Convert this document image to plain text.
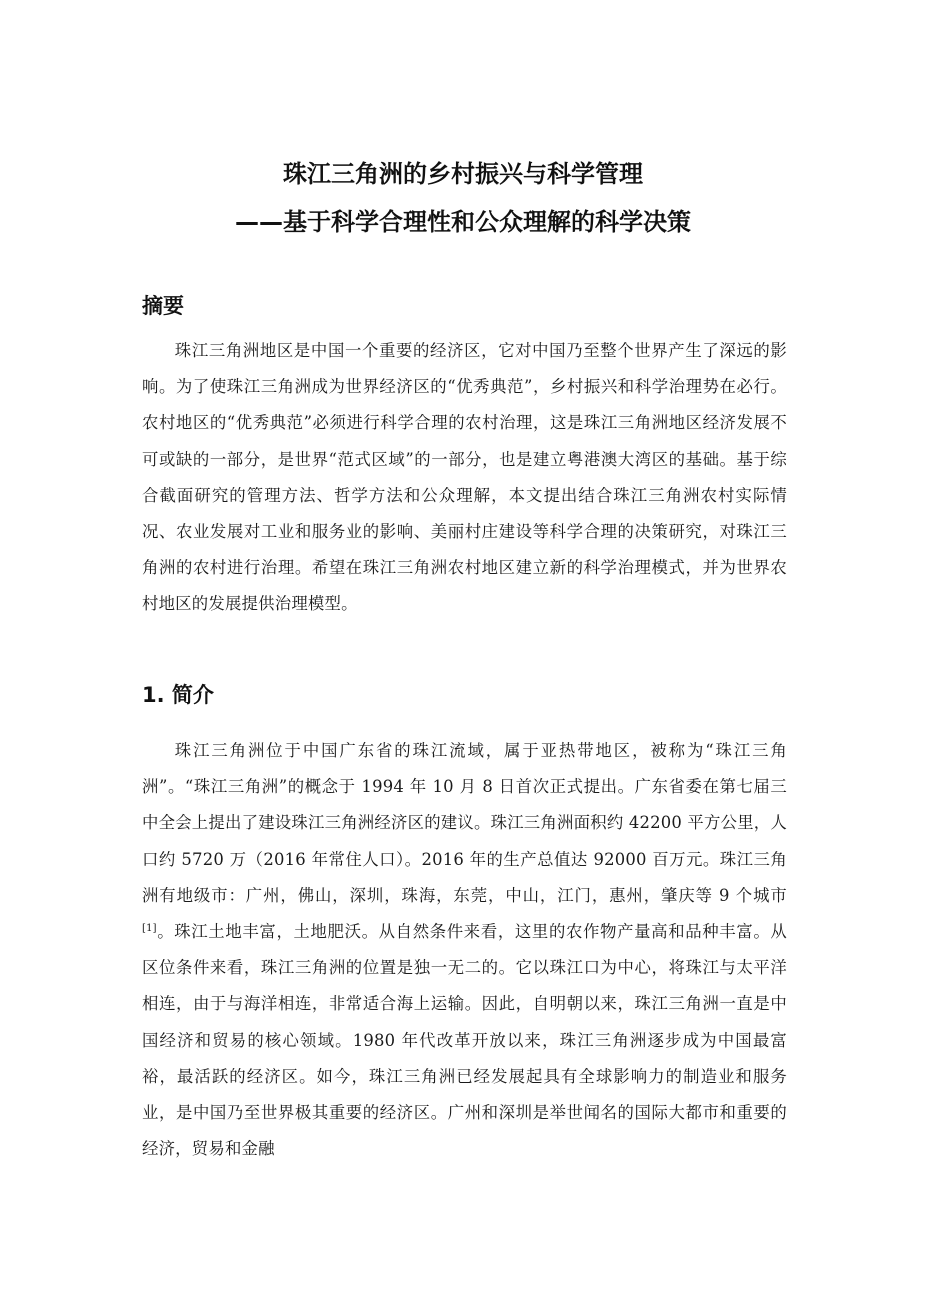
珠江三角洲的乡村振兴与科学管理
——基于科学合理性和公众理解的科学决策
摘要

珠江三角洲地区是中国一个重要的经济区，它对中国乃至整个世界产生了深远的影响。为了使珠江三角洲成为世界经济区的“优秀典范”，乡村振兴和科学治理势在必行。农村地区的“优秀典范”必须进行科学合理的农村治理，这是珠江三角洲地区经济发展不可或缺的一部分，是世界“范式区域”的一部分，也是建立粤港澳大湾区的基础。基于综合截面研究的管理方法、哲学方法和公众理解，本文提出结合珠江三角洲农村实际情况、农业发展对工业和服务业的影响、美丽村庄建设等科学合理的决策研究，对珠江三角洲的农村进行治理。希望在珠江三角洲农村地区建立新的科学治理模式，并为世界农村地区的发展提供治理模型。

1. 简介

珠江三角洲位于中国广东省的珠江流域，属于亚热带地区，被称为“珠江三角洲”。“珠江三角洲”的概念于 1994 年 10 月 8 日首次正式提出。广东省委在第七届三中全会上提出了建设珠江三角洲经济区的建议。珠江三角洲面积约 42200 平方公里，人口约 5720 万（2016 年常住人口）。2016 年的生产总值达 92000 百万元。珠江三角洲有地级市：广州，佛山，深圳，珠海，东莞，中山，江门，惠州，肇庆等 9 个城市[1]。珠江土地丰富，土地肥沃。从自然条件来看，这里的农作物产量高和品种丰富。从区位条件来看，珠江三角洲的位置是独一无二的。它以珠江口为中心，将珠江与太平洋相连，由于与海洋相连，非常适合海上运输。因此，自明朝以来，珠江三角洲一直是中国经济和贸易的核心领域。1980 年代改革开放以来，珠江三角洲逐步成为中国最富裕，最活跃的经济区。如今，珠江三角洲已经发展起具有全球影响力的制造业和服务业，是中国乃至世界极其重要的经济区。广州和深圳是举世闻名的国际大都市和重要的经济，贸易和金融
